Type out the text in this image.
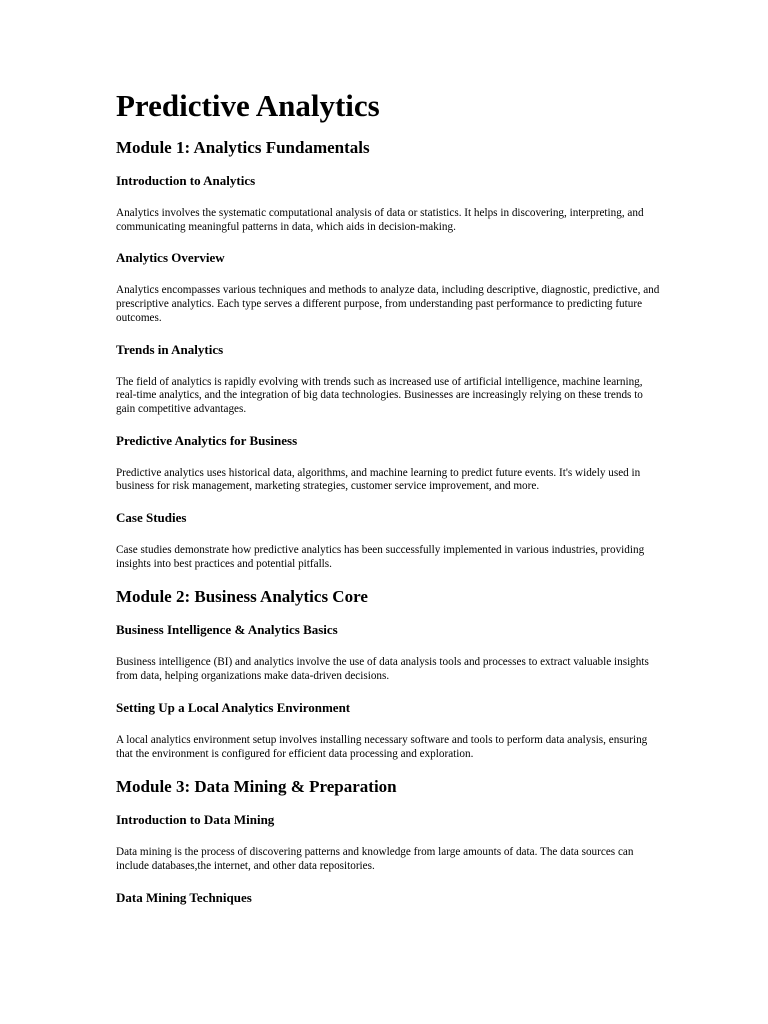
Predictive Analytics
Module 1: Analytics Fundamentals
Introduction to Analytics

Analytics involves the systematic computational analysis of data or statistics. It helps in discovering, interpreting, and communicating meaningful patterns in data, which aids in decision-making.

Analytics Overview

Analytics encompasses various techniques and methods to analyze data, including descriptive, diagnostic, predictive, and prescriptive analytics. Each type serves a different purpose, from understanding past performance to predicting future outcomes.

Trends in Analytics

The field of analytics is rapidly evolving with trends such as increased use of artificial intelligence, machine learning, real-time analytics, and the integration of big data technologies. Businesses are increasingly relying on these trends to gain competitive advantages.

Predictive Analytics for Business

Predictive analytics uses historical data, algorithms, and machine learning to predict future events. It's widely used in business for risk management, marketing strategies, customer service improvement, and more.

Case Studies

Case studies demonstrate how predictive analytics has been successfully implemented in various industries, providing insights into best practices and potential pitfalls.

Module 2: Business Analytics Core
Business Intelligence & Analytics Basics

Business intelligence (BI) and analytics involve the use of data analysis tools and processes to extract valuable insights from data, helping organizations make data-driven decisions.

Setting Up a Local Analytics Environment

A local analytics environment setup involves installing necessary software and tools to perform data analysis, ensuring that the environment is configured for efficient data processing and exploration.

Module 3: Data Mining & Preparation
Introduction to Data Mining

Data mining is the process of discovering patterns and knowledge from large amounts of data. The data sources can include databases,the internet, and other data repositories.

Data Mining Techniques
